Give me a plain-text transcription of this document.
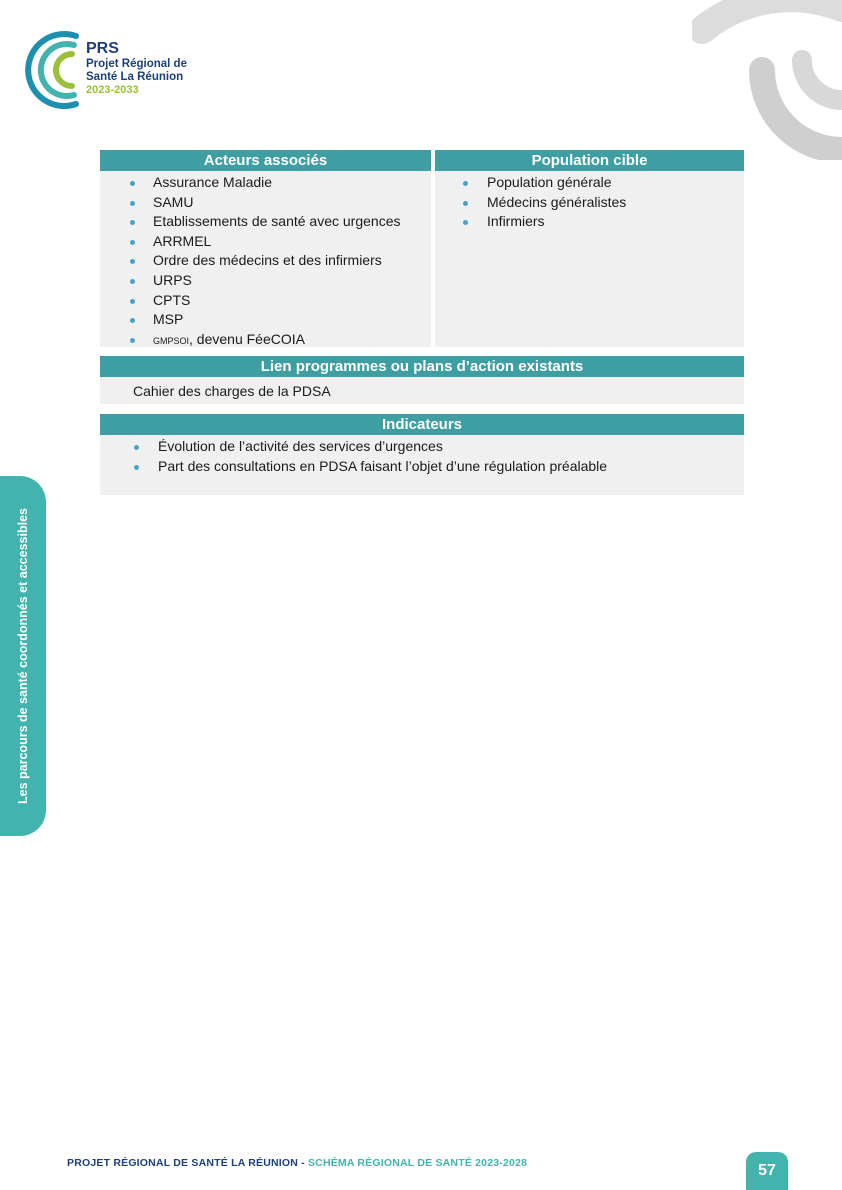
PRS
Projet Régional de
Santé La Réunion
2023-2033
Les parcours de santé coordonnés et accessibles
Acteurs associés
Assurance Maladie
SAMU
Etablissements de santé avec urgences
ARRMEL
Ordre des médecins et des infirmiers
URPS
CPTS
MSP
GMPSOI, devenu FéeCOIA
Population cible
Population générale
Médecins généralistes
Infirmiers
Lien programmes ou plans d’action existants
Cahier des charges de la PDSA
Indicateurs
Évolution de l’activité des services d’urgences
Part des consultations en PDSA faisant l’objet d’une régulation préalable
PROJET RÉGIONAL DE SANTÉ LA RÉUNION - SCHÉMA RÉGIONAL DE SANTÉ 2023-2028	57
